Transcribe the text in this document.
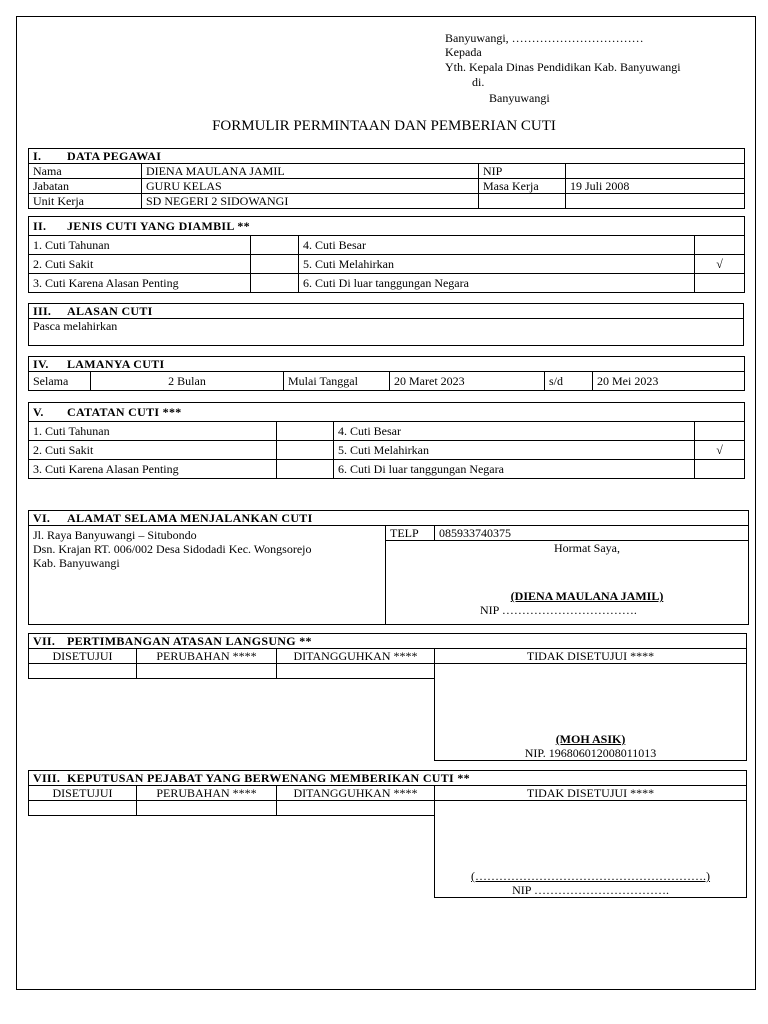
Banyuwangi, ……………………………
Kepada
Yth. Kepala Dinas Pendidikan Kab. Banyuwangi
di.
Banyuwangi
FORMULIR PERMINTAAN DAN PEMBERIAN CUTI
I. DATA PEGAWAI			
Nama	DIENA MAULANA JAMIL	NIP	
Jabatan	GURU KELAS	Masa Kerja	19 Juli 2008
Unit Kerja	SD NEGERI 2 SIDOWANGI		
II. JENIS CUTI YANG DIAMBIL **			
1. Cuti Tahunan		4. Cuti Besar	
2. Cuti Sakit		5. Cuti Melahirkan	√
3. Cuti Karena Alasan Penting		6. Cuti Di luar tanggungan Negara	
III. ALASAN CUTI
Pasca melahirkan
IV. LAMANYA CUTI
Selama	2 Bulan	Mulai Tanggal	20 Maret 2023	s/d	20 Mei 2023
V. CATATAN CUTI ***			
1. Cuti Tahunan		4. Cuti Besar	
2. Cuti Sakit		5. Cuti Melahirkan	√
3. Cuti Karena Alasan Penting		6. Cuti Di luar tanggungan Negara	
VI. ALAMAT SELAMA MENJALANKAN CUTI

Jl. Raya Banyuwangi – Situbondo
Dsn. Krajan RT. 006/002 Desa Sidodadi Kec. Wongsorejo
Kab. Banyuwangi
	TELP	085933740375

Hormat Saya,
(DIENA MAULANA JAMIL)
NIP …………………………….
VII. PERTIMBANGAN ATASAN LANGSUNG **			
DISETUJUI	PERUBAHAN ****	DITANGGUHKAN ****	TIDAK DISETUJUI ****

			(MOH ASIK)
NIP. 196806012008011013

VIII. KEPUTUSAN PEJABAT YANG BERWENANG MEMBERIKAN CUTI **			
DISETUJUI	PERUBAHAN ****	DITANGGUHKAN ****	TIDAK DISETUJUI ****

			(………………………………………………….)
NIP …………………………….
